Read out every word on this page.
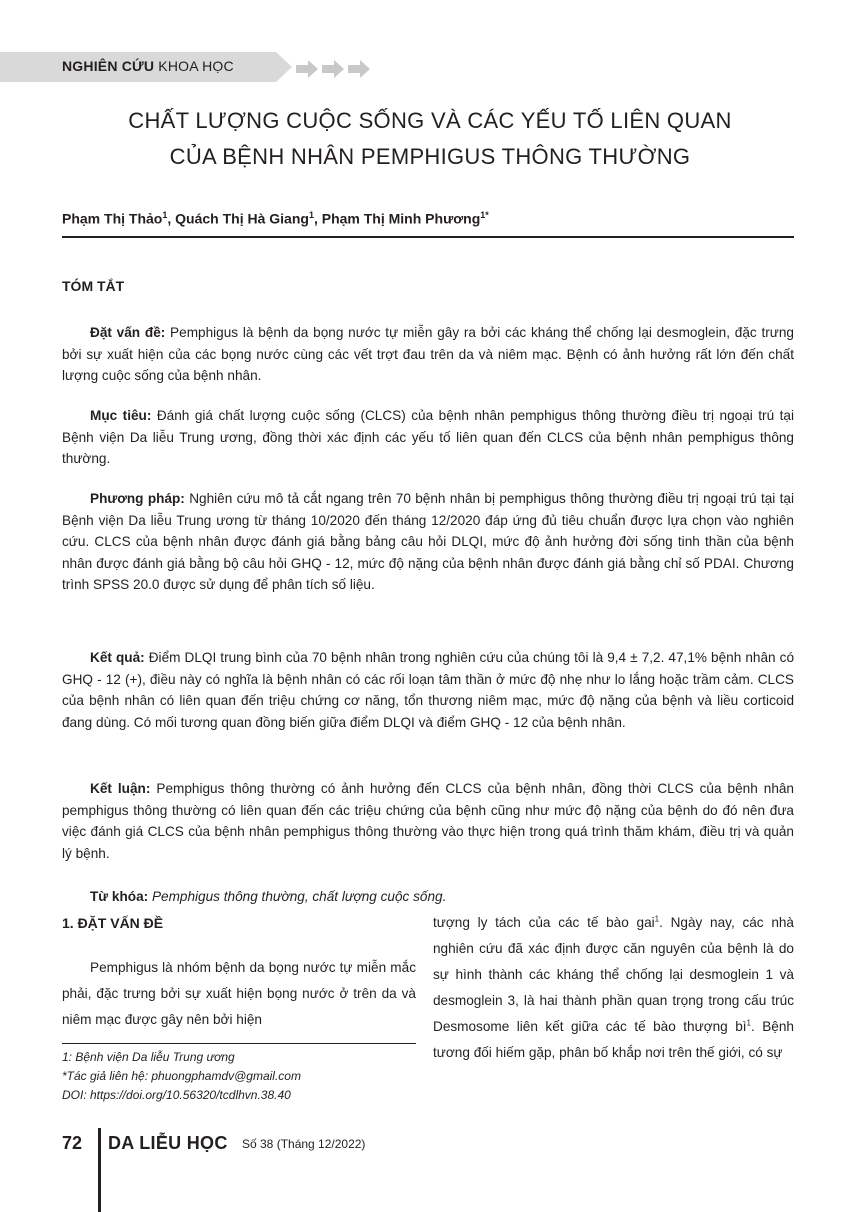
NGHIÊN CỨU KHOA HỌC
CHẤT LƯỢNG CUỘC SỐNG VÀ CÁC YẾU TỐ LIÊN QUAN
CỦA BỆNH NHÂN PEMPHIGUS THÔNG THƯỜNG
Phạm Thị Thảo$^1$, Quách Thị Hà Giang$^1$, Phạm Thị Minh Phương$^{1*}$
TÓM TẮT

Đặt vấn đề: Pemphigus là bệnh da bọng nước tự miễn gây ra bởi các kháng thể chống lại desmoglein, đặc trưng bởi sự xuất hiện của các bọng nước cùng các vết trợt đau trên da và niêm mạc. Bệnh có ảnh hưởng rất lớn đến chất lượng cuộc sống của bệnh nhân.

Mục tiêu: Đánh giá chất lượng cuộc sống (CLCS) của bệnh nhân pemphigus thông thường điều trị ngoại trú tại Bệnh viện Da liễu Trung ương, đồng thời xác định các yếu tố liên quan đến CLCS của bệnh nhân pemphigus thông thường.

Phương pháp: Nghiên cứu mô tả cắt ngang trên 70 bệnh nhân bị pemphigus thông thường điều trị ngoại trú tại tại Bệnh viện Da liễu Trung ương từ tháng 10/2020 đến tháng 12/2020 đáp ứng đủ tiêu chuẩn được lựa chọn vào nghiên cứu. CLCS của bệnh nhân được đánh giá bằng bảng câu hỏi DLQI, mức độ ảnh hưởng đời sống tinh thần của bệnh nhân được đánh giá bằng bộ câu hỏi GHQ - 12, mức độ nặng của bệnh nhân được đánh giá bằng chỉ số PDAI. Chương trình SPSS 20.0 được sử dụng để phân tích số liệu.

Kết quả: Điểm DLQI trung bình của 70 bệnh nhân trong nghiên cứu của chúng tôi là 9,4 ± 7,2. 47,1% bệnh nhân có GHQ - 12 (+), điều này có nghĩa là bệnh nhân có các rối loạn tâm thần ở mức độ nhẹ như lo lắng hoặc trầm cảm. CLCS của bệnh nhân có liên quan đến triệu chứng cơ năng, tổn thương niêm mạc, mức độ nặng của bệnh và liều corticoid đang dùng. Có mối tương quan đồng biến giữa điểm DLQI và điểm GHQ - 12 của bệnh nhân.

Kết luận: Pemphigus thông thường có ảnh hưởng đến CLCS của bệnh nhân, đồng thời CLCS của bệnh nhân pemphigus thông thường có liên quan đến các triệu chứng của bệnh cũng như mức độ nặng của bệnh do đó nên đưa việc đánh giá CLCS của bệnh nhân pemphigus thông thường vào thực hiện trong quá trình thăm khám, điều trị và quản lý bệnh.

Từ khóa: Pemphigus thông thường, chất lượng cuộc sống.

1. ĐẶT VẤN ĐỀ

Pemphigus là nhóm bệnh da bọng nước tự miễn mắc phải, đặc trưng bởi sự xuất hiện bọng nước ở trên da và niêm mạc được gây nên bởi hiện

tượng ly tách của các tế bào gai$^1$. Ngày nay, các nhà nghiên cứu đã xác định được căn nguyên của bệnh là do sự hình thành các kháng thể chống lại desmoglein 1 và desmoglein 3, là hai thành phần quan trọng trong cấu trúc Desmosome liên kết giữa các tế bào thượng $bì^1$. Bệnh tương đối hiếm gặp, phân bố khắp nơi trên thế giới, có sự

1: Bệnh viện Da liễu Trung ương
*Tác giả liên hệ: phuongphamdv@gmail.com
DOI: https://doi.org/10.56320/tcdlhvn.38.40
72 DA LIỄU HỌC Số 38 (Tháng 12/2022)
